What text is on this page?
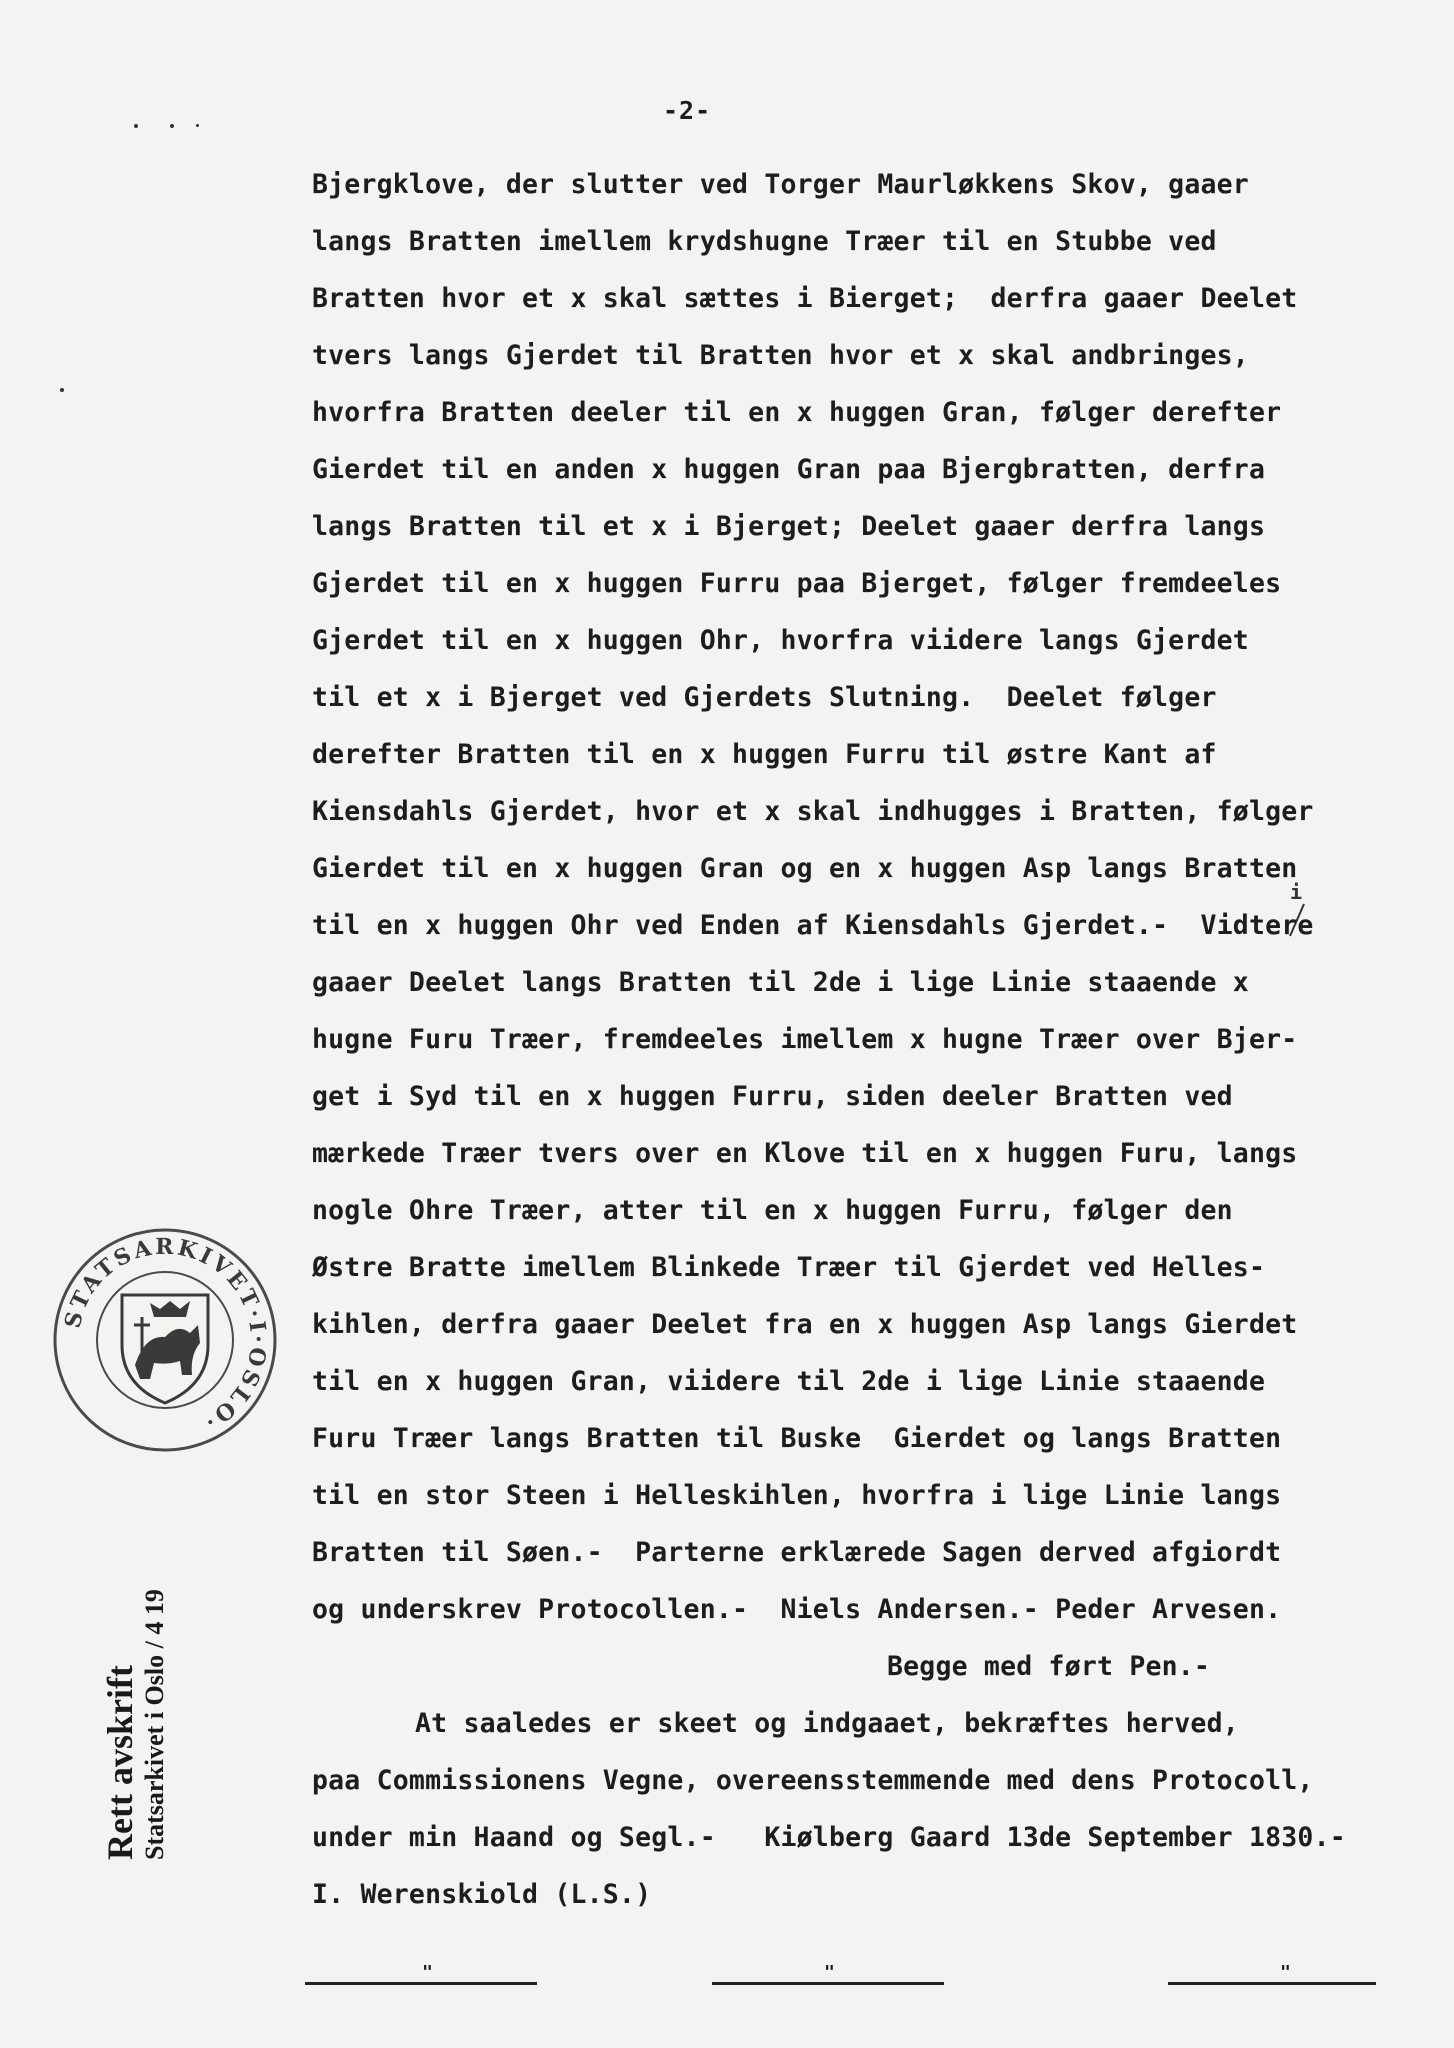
-2-
i
Bjergklove, der slutter ved Torger Maurløkkens Skov, gaaer
langs Bratten imellem krydshugne Træer til en Stubbe ved
Bratten hvor et x skal sættes i Bierget;  derfra gaaer Deelet
tvers langs Gjerdet til Bratten hvor et x skal andbringes,
hvorfra Bratten deeler til en x huggen Gran, følger derefter
Gierdet til en anden x huggen Gran paa Bjergbratten, derfra
langs Bratten til et x i Bjerget; Deelet gaaer derfra langs
Gjerdet til en x huggen Furru paa Bjerget, følger fremdeeles
Gjerdet til en x huggen Ohr, hvorfra viidere langs Gjerdet
til et x i Bjerget ved Gjerdets Slutning.  Deelet følger
derefter Bratten til en x huggen Furru til østre Kant af
Kiensdahls Gjerdet, hvor et x skal indhugges i Bratten, følger
Gierdet til en x huggen Gran og en x huggen Asp langs Bratten
til en x huggen Ohr ved Enden af Kiensdahls Gjerdet.-  Vidtere
gaaer Deelet langs Bratten til 2de i lige Linie staaende x
hugne Furu Træer, fremdeeles imellem x hugne Træer over Bjer-
get i Syd til en x huggen Furru, siden deeler Bratten ved
mærkede Træer tvers over en Klove til en x huggen Furu, langs
nogle Ohre Træer, atter til en x huggen Furru, følger den
Østre Bratte imellem Blinkede Træer til Gjerdet ved Helles-
kihlen, derfra gaaer Deelet fra en x huggen Asp langs Gierdet
til en x huggen Gran, viidere til 2de i lige Linie staaende
Furu Træer langs Bratten til Buske  Gierdet og langs Bratten
til en stor Steen i Helleskihlen, hvorfra i lige Linie langs
Bratten til Søen.-  Parterne erklærede Sagen derved afgiordt
og underskrev Protocollen.-  Niels Andersen.- Peder Arvesen.
Begge med ført Pen.-
At saaledes er skeet og indgaaet, bekræftes herved,
paa Commissionens Vegne, overeensstemmende med dens Protocoll,
under min Haand og Segl.-   Kiølberg Gaard 13de September 1830.-
I. Werenskiold (L.S.)
STATSARKIVET·I·OSLO·
Rett avskrift Statsarkivet i Oslo / 4 19
"	"	"
